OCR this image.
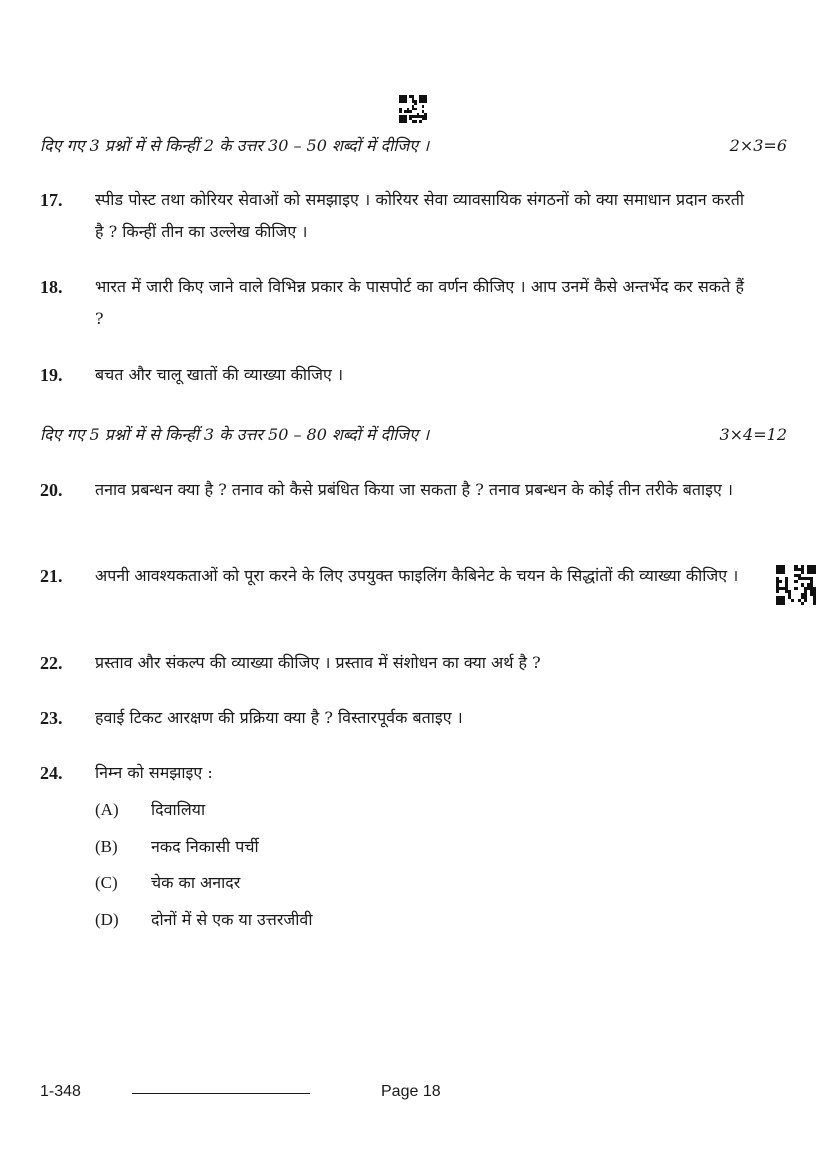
दिए गए 3 प्रश्नों में से किन्हीं 2 के उत्तर 30 – 50 शब्दों में दीजिए ।	2×3=6
17. स्पीड पोस्ट तथा कोरियर सेवाओं को समझाइए । कोरियर सेवा व्यावसायिक संगठनों को क्या समाधान प्रदान करती है ? किन्हीं तीन का उल्लेख कीजिए ।
18. भारत में जारी किए जाने वाले विभिन्न प्रकार के पासपोर्ट का वर्णन कीजिए । आप उनमें कैसे अन्तर्भेद कर सकते हैं ?
19. बचत और चालू खातों की व्याख्या कीजिए ।
दिए गए 5 प्रश्नों में से किन्हीं 3 के उत्तर 50 – 80 शब्दों में दीजिए ।	3×4=12
20. तनाव प्रबन्धन क्या है ? तनाव को कैसे प्रबंधित किया जा सकता है ? तनाव प्रबन्धन के कोई तीन तरीके बताइए ।
21. अपनी आवश्यकताओं को पूरा करने के लिए उपयुक्त फाइलिंग कैबिनेट के चयन के सिद्धांतों की व्याख्या कीजिए ।
22. प्रस्ताव और संकल्प की व्याख्या कीजिए । प्रस्ताव में संशोधन का क्या अर्थ है ?
23. हवाई टिकट आरक्षण की प्रक्रिया क्या है ? विस्तारपूर्वक बताइए ।
24. निम्न को समझाइए :
(A) दिवालिया
(B) नकद निकासी पर्ची
(C) चेक का अनादर
(D) दोनों में से एक या उत्तरजीवी
1-348	Page 18
